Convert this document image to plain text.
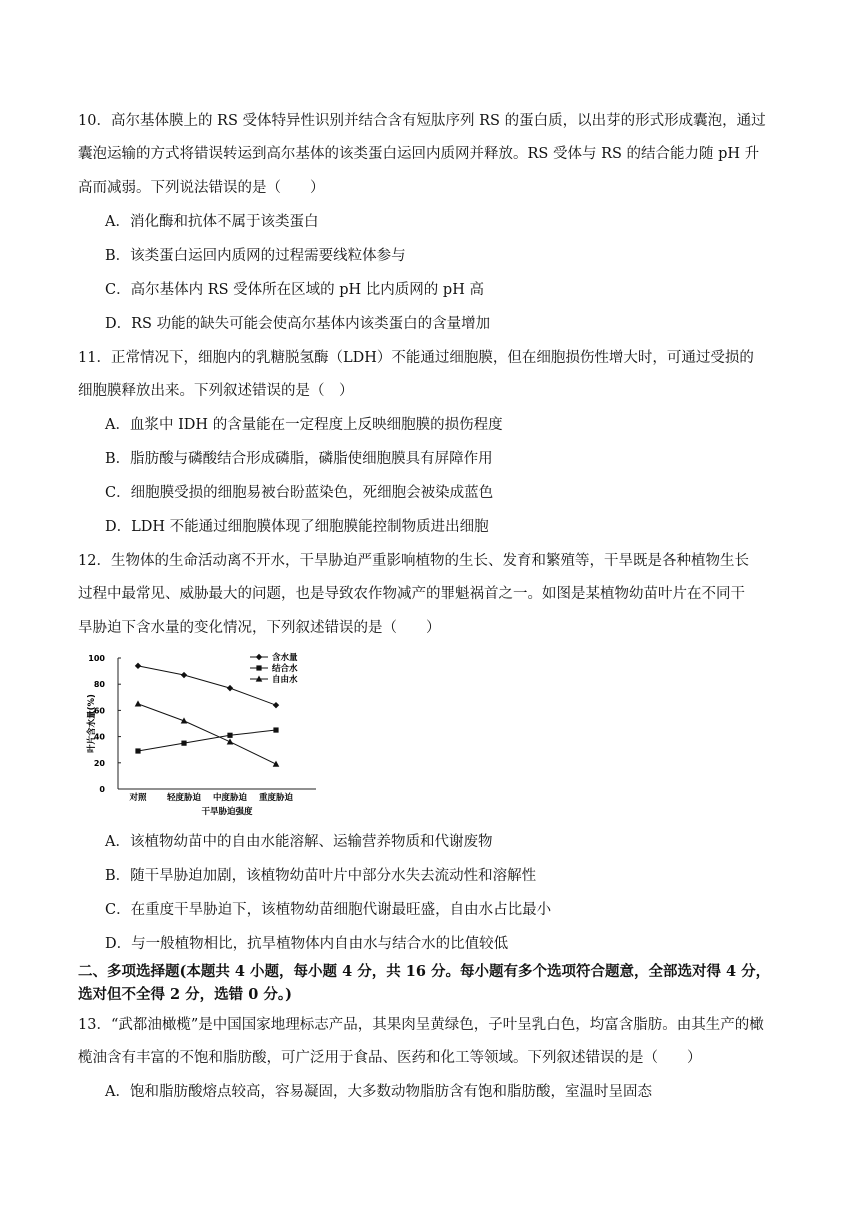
10．高尔基体膜上的 RS 受体特异性识别并结合含有短肽序列 RS 的蛋白质，以出芽的形式形成囊泡，通过
囊泡运输的方式将错误转运到高尔基体的该类蛋白运回内质网并释放。RS 受体与 RS 的结合能力随 pH 升
高而减弱。下列说法错误的是（　　）
A．消化酶和抗体不属于该类蛋白
B．该类蛋白运回内质网的过程需要线粒体参与
C．高尔基体内 RS 受体所在区域的 pH 比内质网的 pH 高
D．RS 功能的缺失可能会使高尔基体内该类蛋白的含量增加
11．正常情况下，细胞内的乳糖脱氢酶（LDH）不能通过细胞膜，但在细胞损伤性增大时，可通过受损的
细胞膜释放出来。下列叙述错误的是（　）
A．血浆中 IDH 的含量能在一定程度上反映细胞膜的损伤程度
B．脂肪酸与磷酸结合形成磷脂，磷脂使细胞膜具有屏障作用
C．细胞膜受损的细胞易被台盼蓝染色，死细胞会被染成蓝色
D．LDH 不能通过细胞膜体现了细胞膜能控制物质进出细胞
12．生物体的生命活动离不开水，干旱胁迫严重影响植物的生长、发育和繁殖等，干旱既是各种植物生长
过程中最常见、威胁最大的问题，也是导致农作物减产的罪魁祸首之一。如图是某植物幼苗叶片在不同干
旱胁迫下含水量的变化情况，下列叙述错误的是（　　）
0
20
40
60
80
100
对照 轻度胁迫 中度胁迫 重度胁迫
干旱胁迫强度
叶片含水量(%)
含水量
结合水
自由水
A．该植物幼苗中的自由水能溶解、运输营养物质和代谢废物
B．随干旱胁迫加剧，该植物幼苗叶片中部分水失去流动性和溶解性
C．在重度干旱胁迫下，该植物幼苗细胞代谢最旺盛，自由水占比最小
D．与一般植物相比，抗旱植物体内自由水与结合水的比值较低
二、多项选择题(本题共 4 小题，每小题 4 分，共 16 分。每小题有多个选项符合题意，全部选对得 4 分，
选对但不全得 2 分，选错 0 分。)
13．“武都油橄榄”是中国国家地理标志产品，其果肉呈黄绿色，子叶呈乳白色，均富含脂肪。由其生产的橄
榄油含有丰富的不饱和脂肪酸，可广泛用于食品、医药和化工等领域。下列叙述错误的是（　　）
A．饱和脂肪酸熔点较高，容易凝固，大多数动物脂肪含有饱和脂肪酸，室温时呈固态
